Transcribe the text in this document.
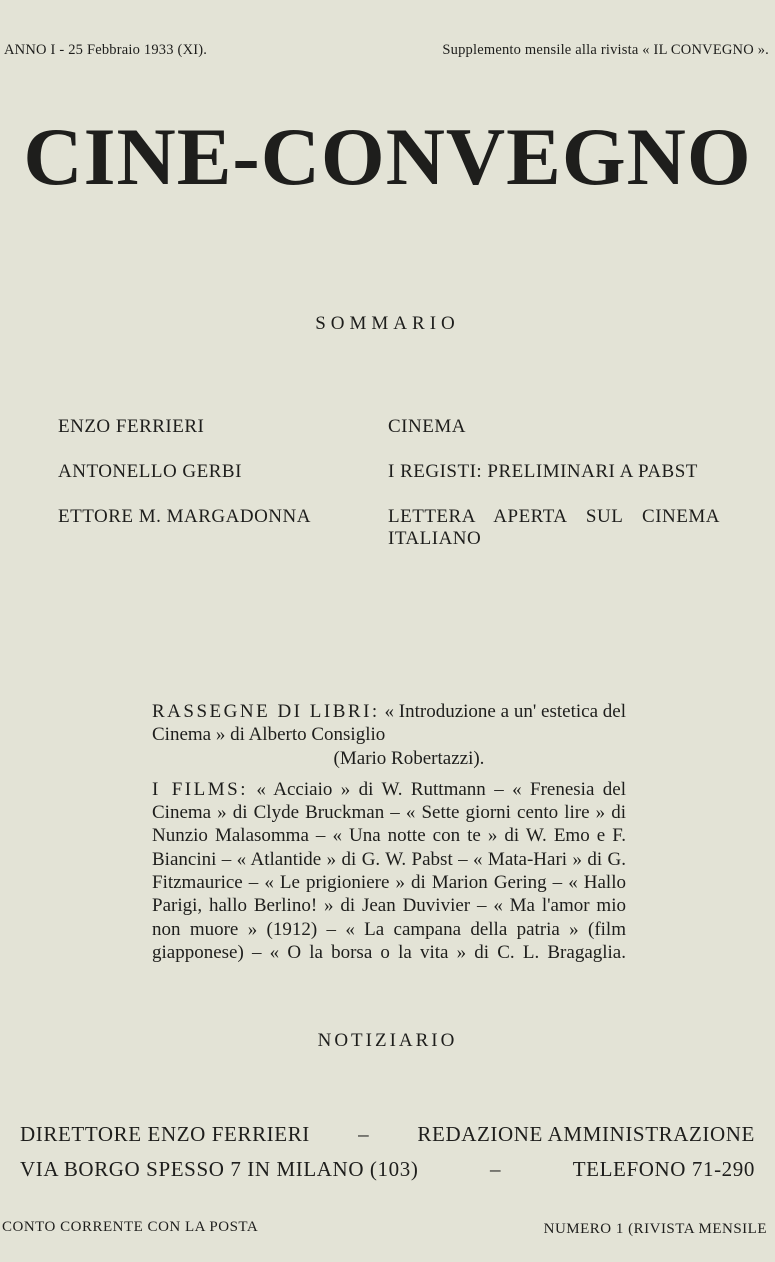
ANNO I - 25 Febbraio 1933 (XI).	Supplemento mensile alla rivista « IL CONVEGNO ».
CINE-CONVEGNO
SOMMARIO
ENZO FERRIERI	CINEMA
ANTONELLO GERBI	I REGISTI: PRELIMINARI A PABST
ETTORE M. MARGADONNA	LETTERA APERTA SUL CINEMA ITALIANO

RASSEGNE DI LIBRI: « Introduzione a un' estetica del Cinema » di Alberto Consiglio
(Mario Robertazzi).

I FILMS: « Acciaio » di W. Ruttmann – « Frenesia del Cinema » di Clyde Bruckman – « Sette giorni cento lire » di Nunzio Malasomma – « Una notte con te » di W. Emo e F. Biancini – « Atlantide » di G. W. Pabst – « Mata-Hari » di G. Fitzmaurice – « Le prigioniere » di Marion Gering – « Hallo Parigi, hallo Berlino! » di Jean Duvivier – « Ma l'amor mio non muore » (1912) – « La campana della patria » (film giapponese) – « O la borsa o la vita » di C. L. Bragaglia.

NOTIZIARIO
DIRETTORE ENZO FERRIERI – REDAZIONE AMMINISTRAZIONE
VIA BORGO SPESSO 7 IN MILANO (103)	–	TELEFONO 71-290
CONTO CORRENTE CON LA POSTA	NUMERO 1 (RIVISTA MENSILE
